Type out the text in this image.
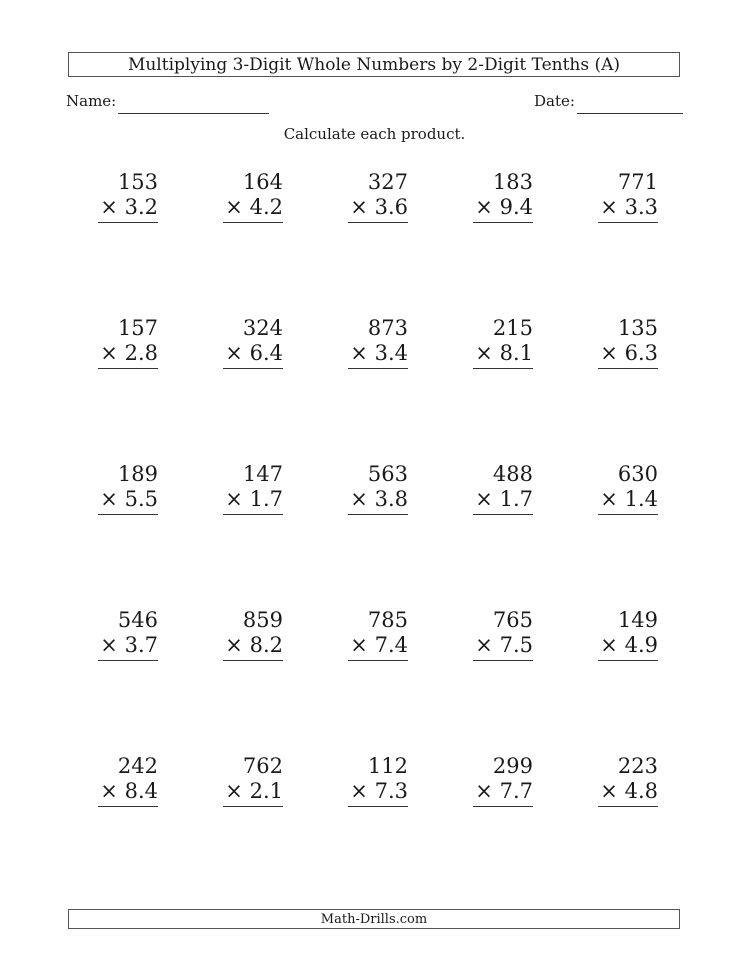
Multiplying 3-Digit Whole Numbers by 2-Digit Tenths (A)
Name:	Date:
Calculate each product.
153
× 3.2
164
× 4.2
327
× 3.6
183
× 9.4
771
× 3.3
157
× 2.8
324
× 6.4
873
× 3.4
215
× 8.1
135
× 6.3
189
× 5.5
147
× 1.7
563
× 3.8
488
× 1.7
630
× 1.4
546
× 3.7
859
× 8.2
785
× 7.4
765
× 7.5
149
× 4.9
242
× 8.4
762
× 2.1
112
× 7.3
299
× 7.7
223
× 4.8
Math-Drills.com
